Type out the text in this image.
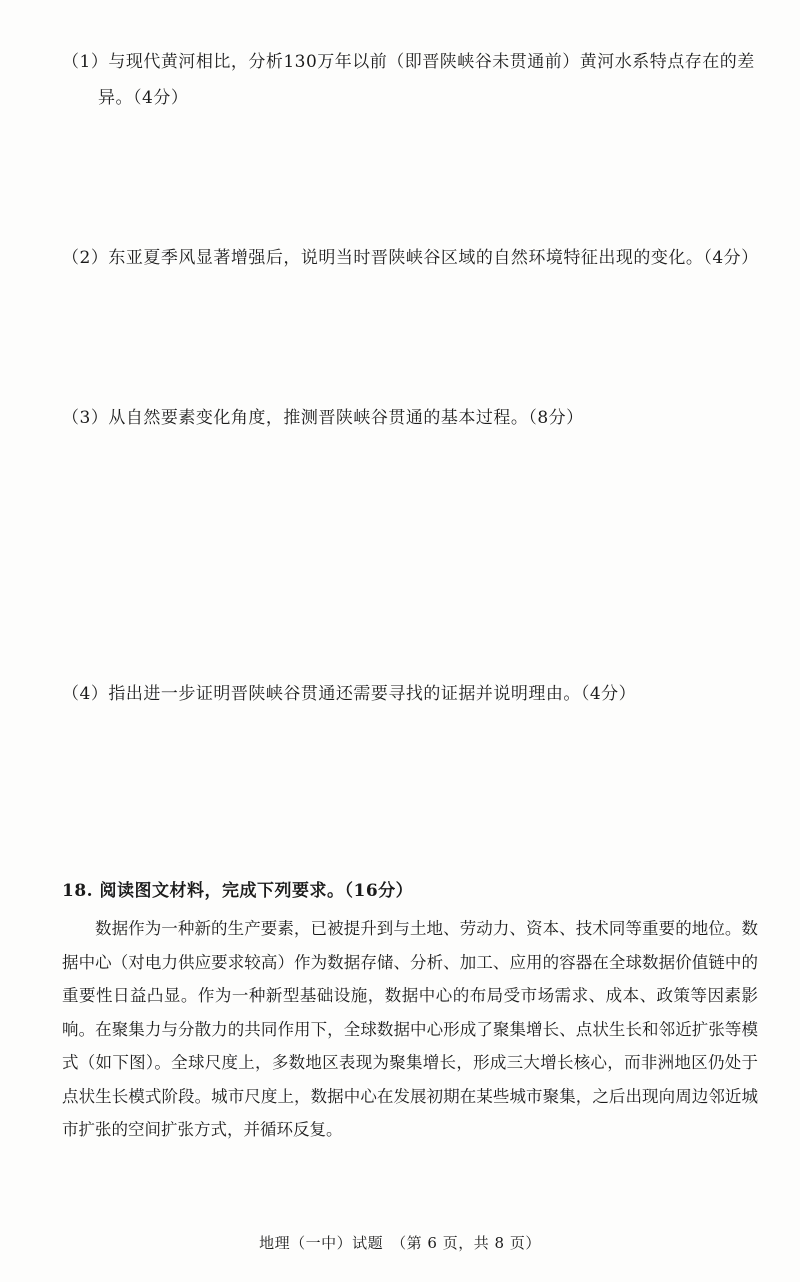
（1）与现代黄河相比，分析130万年以前（即晋陕峡谷未贯通前）黄河水系特点存在的差
异。（4分）
（2）东亚夏季风显著增强后，说明当时晋陕峡谷区域的自然环境特征出现的变化。（4分）
（3）从自然要素变化角度，推测晋陕峡谷贯通的基本过程。（8分）
（4）指出进一步证明晋陕峡谷贯通还需要寻找的证据并说明理由。（4分）
18. 阅读图文材料，完成下列要求。（16分）

数据作为一种新的生产要素，已被提升到与土地、劳动力、资本、技术同等重要的地位。数据中心（对电力供应要求较高）作为数据存储、分析、加工、应用的容器在全球数据价值链中的重要性日益凸显。作为一种新型基础设施，数据中心的布局受市场需求、成本、政策等因素影响。在聚集力与分散力的共同作用下，全球数据中心形成了聚集增长、点状生长和邻近扩张等模式（如下图）。全球尺度上，多数地区表现为聚集增长，形成三大增长核心，而非洲地区仍处于点状生长模式阶段。城市尺度上，数据中心在发展初期在某些城市聚集，之后出现向周边邻近城市扩张的空间扩张方式，并循环反复。

地理（一中）试题　（第 6 页，共 8 页）
